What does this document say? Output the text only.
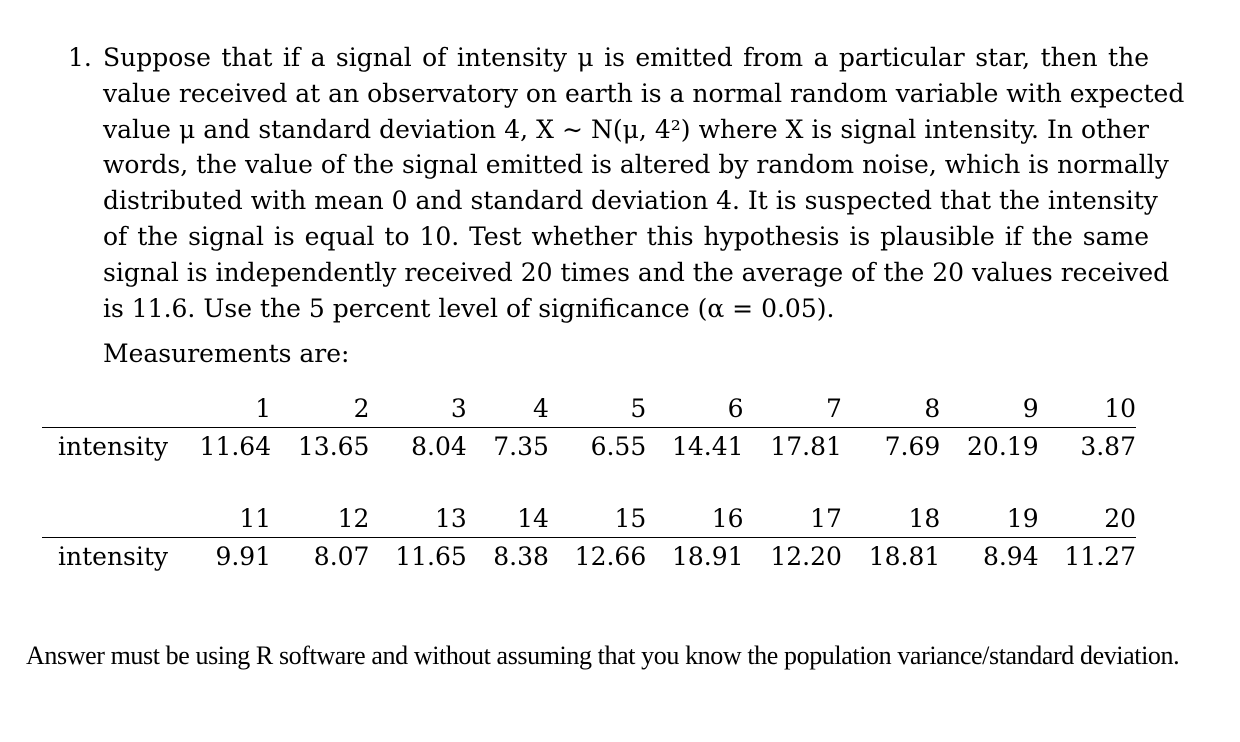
1. Suppose that if a signal of intensity μ is emitted from a particular star, then the
value received at an observatory on earth is a normal random variable with expected
value μ and standard deviation 4, X ∼ N(μ, 4²) where X is signal intensity. In other
words, the value of the signal emitted is altered by random noise, which is normally
distributed with mean 0 and standard deviation 4. It is suspected that the intensity
of the signal is equal to 10. Test whether this hypothesis is plausible if the same
signal is independently received 20 times and the average of the 20 values received
is 11.6. Use the 5 percent level of significance (α = 0.05).
Measurements are:
	1	2	3	4	5	6	7	8	9	10
intensity	11.64	13.65	8.04	7.35	6.55	14.41	17.81	7.69	20.19	3.87
	11	12	13	14	15	16	17	18	19	20
intensity	9.91	8.07	11.65	8.38	12.66	18.91	12.20	18.81	8.94	11.27
Answer must be using R software and without assuming that you know the population variance/standard deviation.
